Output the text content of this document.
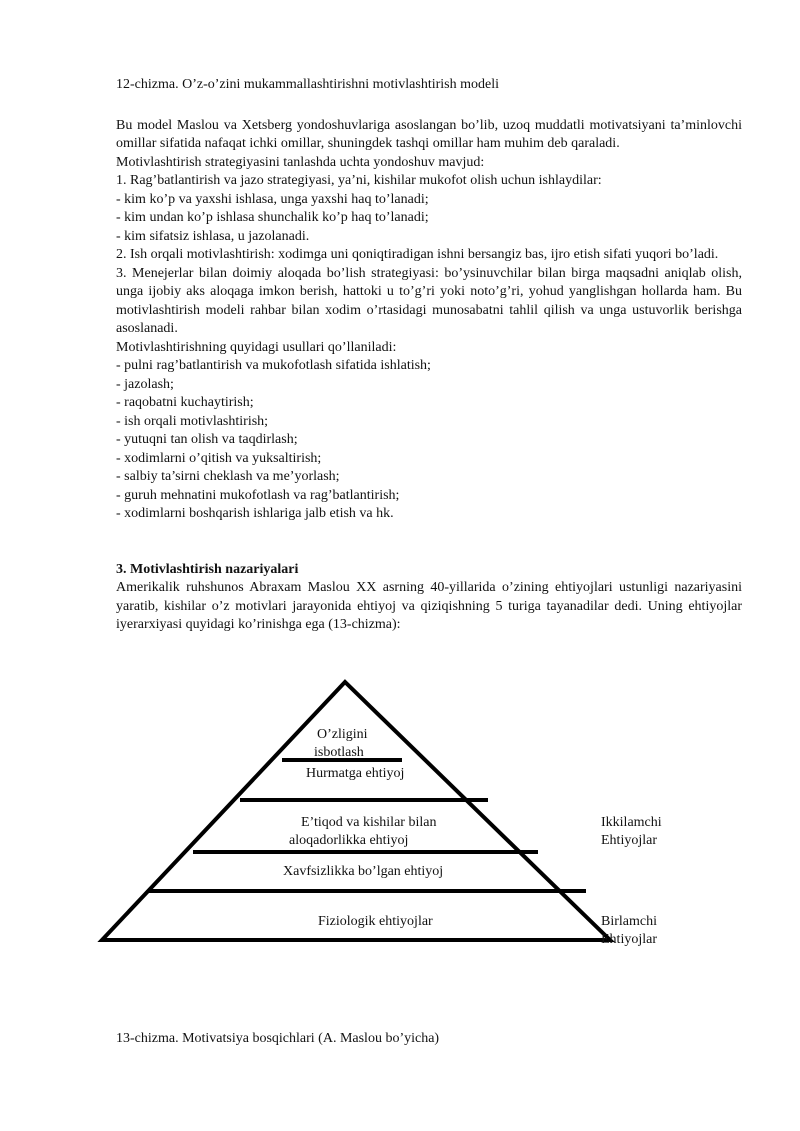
12-chizma. O’z-o’zini mukammallashtirishni motivlashtirish modeli

Bu model Maslou va Xetsberg yondoshuvlariga asoslangan bo’lib, uzoq muddatli motivatsiyani ta’minlovchi omillar sifatida nafaqat ichki omillar, shuningdek tashqi omillar ham muhim deb qaraladi.

Motivlashtirish strategiyasini tanlashda uchta yondoshuv mavjud:

1. Rag’batlantirish va jazo strategiyasi, ya’ni, kishilar mukofot olish uchun ishlaydilar:

- kim ko’p va yaxshi ishlasa, unga yaxshi haq to’lanadi;

- kim undan ko’p ishlasa shunchalik ko’p haq to’lanadi;

- kim sifatsiz ishlasa, u jazolanadi.

2. Ish orqali motivlashtirish: xodimga uni qoniqtiradigan ishni bersangiz bas, ijro etish sifati yuqori bo’ladi.

3. Menejerlar bilan doimiy aloqada bo’lish strategiyasi: bo’ysinuvchilar bilan birga maqsadni aniqlab olish, unga ijobiy aks aloqaga imkon berish, hattoki u to’g’ri yoki noto’g’ri, yohud yanglishgan hollarda ham. Bu motivlashtirish modeli rahbar bilan xodim o’rtasidagi munosabatni tahlil qilish va unga ustuvorlik berishga asoslanadi.

Motivlashtirishning quyidagi usullari qo’llaniladi:

- pulni rag’batlantirish va mukofotlash sifatida ishlatish;

- jazolash;

- raqobatni kuchaytirish;

- ish orqali motivlashtirish;

- yutuqni tan olish va taqdirlash;

- xodimlarni o’qitish va yuksaltirish;

- salbiy ta’sirni cheklash va me’yorlash;

- guruh mehnatini mukofotlash va rag’batlantirish;

- xodimlarni boshqarish ishlariga jalb etish va hk.

3. Motivlashtirish nazariyalari

Amerikalik ruhshunos Abraxam Maslou XX asrning 40-yillarida o’zining ehtiyojlari ustunligi nazariyasini yaratib, kishilar o’z motivlari jarayonida ehtiyoj va qiziqishning 5 turiga tayanadilar dedi. Uning ehtiyojlar iyerarxiyasi quyidagi ko’rinishga ega (13-chizma):

O’zligini
isbotlash
Hurmatga ehtiyoj
E’tiqod va kishilar bilan
aloqadorlikka ehtiyoj
Xavfsizlikka bo’lgan ehtiyoj
Fiziologik ehtiyojlar
Ikkilamchi
Ehtiyojlar
Birlamchi
Ehtiyojlar
13-chizma. Motivatsiya bosqichlari (A. Maslou bo’yicha)
